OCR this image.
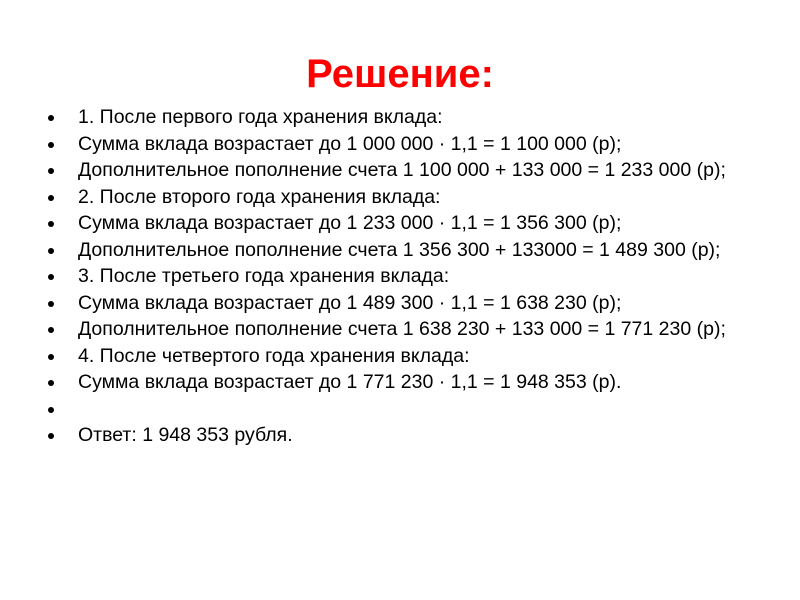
Решение:
1. После первого года хранения вклада:
Сумма вклада возрастает до 1 000 000 · 1,1 = 1 100 000 (р);
Дополнительное пополнение счета 1 100 000 + 133 000 = 1 233 000 (р);
2. После второго года хранения вклада:
Сумма вклада возрастает до 1 233 000 · 1,1 = 1 356 300 (р);
Дополнительное пополнение счета 1 356 300 + 133000 = 1 489 300 (р);
3. После третьего года хранения вклада:
Сумма вклада возрастает до 1 489 300 · 1,1 = 1 638 230 (р);
Дополнительное пополнение счета 1 638 230 + 133 000 = 1 771 230 (р);
4. После четвертого года хранения вклада:
Сумма вклада возрастает до 1 771 230 · 1,1 = 1 948 353 (р).
Ответ: 1 948 353 рубля.
